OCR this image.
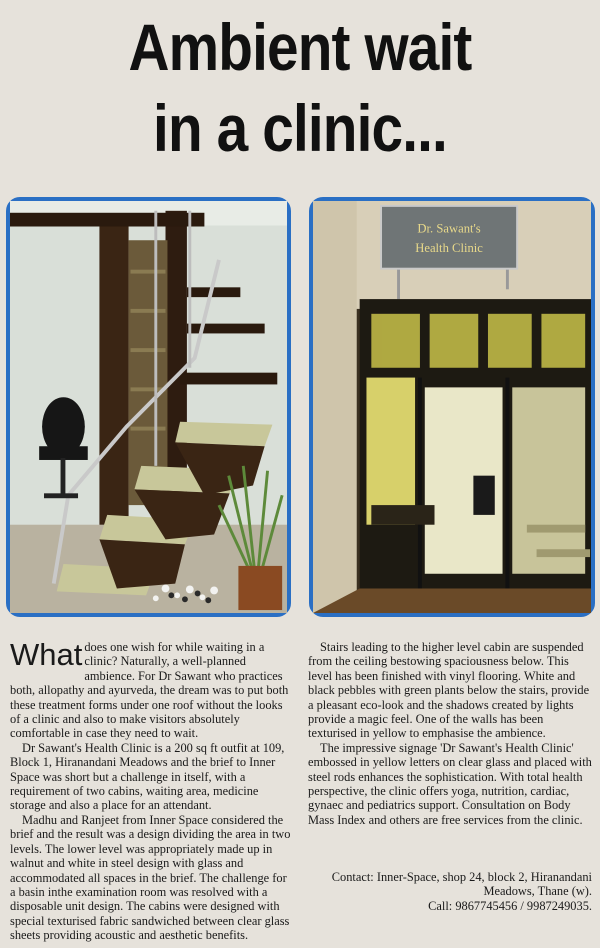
Ambient wait
in a clinic...
Dr. Sawant's
Health Clinic

What does one wish for while waiting in a clinic? Naturally, a well-planned ambience. For Dr Sawant who practices both, allopathy and ayurveda, the dream was to put both these treatment forms under one roof without the looks of a clinic and also to make visitors absolutely comfortable in case they need to wait.

Dr Sawant's Health Clinic is a 200 sq ft outfit at 109, Block 1, Hiranandani Meadows and the brief to Inner Space was short but a challenge in itself, with a requirement of two cabins, waiting area, medicine storage and also a place for an attendant.

Madhu and Ranjeet from Inner Space considered the brief and the result was a design dividing the area in two levels. The lower level was appropriately made up in walnut and white in steel design with glass and accommodated all spaces in the brief. The challenge for a basin inthe examination room was resolved with a disposable unit design. The cabins were designed with special texturised fabric sandwiched between clear glass sheets providing acoustic and aesthetic benefits.

Stairs leading to the higher level cabin are suspended from the ceiling bestowing spaciousness below. This level has been finished with vinyl flooring. White and black pebbles with green plants below the stairs, provide a pleasant eco-look and the shadows created by lights provide a magic feel. One of the walls has been texturised in yellow to emphasise the ambience.

The impressive signage 'Dr Sawant's Health Clinic' embossed in yellow letters on clear glass and placed with steel rods enhances the sophistication. With total health perspective, the clinic offers yoga, nutrition, cardiac, gynaec and pediatrics support. Consultation on Body Mass Index and others are free services from the clinic.

Contact: Inner-Space, shop 24, block 2, Hiranandani Meadows, Thane (w).
Call: 9867745456 / 9987249035.
